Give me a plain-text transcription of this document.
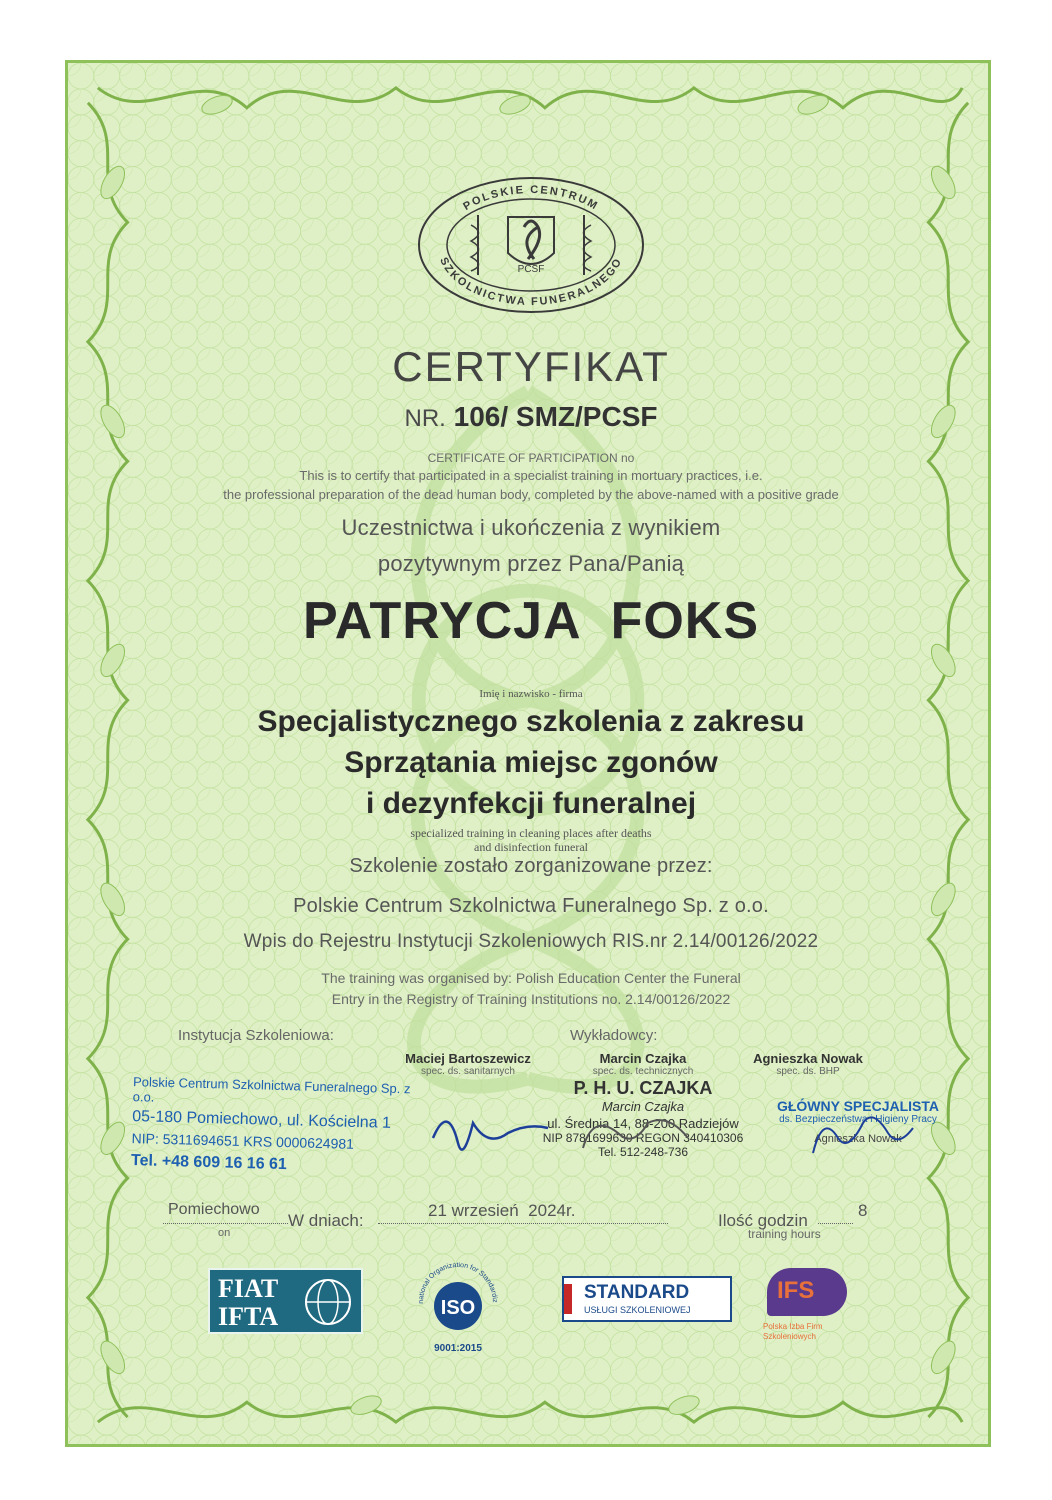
POLSKIE CENTRUM
SZKOLNICTWA FUNERALNEGO
PCSF
CERTYFIKAT
NR. 106/ SMZ/PCSF
CERTIFICATE OF PARTICIPATION no
This is to certify that participated in a specialist training in mortuary practices, i.e.
the professional preparation of the dead human body, completed by the above-named with a positive grade
Uczestnictwa i ukończenia z wynikiem
pozytywnym przez Pana/Panią
PATRYCJA  FOKS
Imię i nazwisko - firma
Specjalistycznego szkolenia z zakresu
Sprzątania miejsc zgonów
i dezynfekcji funeralnej
specialized training in cleaning places after deaths
and disinfection funeral
Szkolenie zostało zorganizowane przez:
Polskie Centrum Szkolnictwa Funeralnego Sp. z o.o.
Wpis do Rejestru Instytucji Szkoleniowych RIS.nr 2.14/00126/2022
The training was organised by: Polish Education Center the Funeral
Entry in the Registry of Training Institutions no. 2.14/00126/2022
Instytucja Szkoleniowa:	Wykładowcy:
Maciej Bartoszewicz
spec. ds. sanitarnych
Marcin Czajka
spec. ds. technicznych
Agnieszka Nowak
spec. ds. BHP
Polskie Centrum Szkolnictwa Funeralnego Sp. z o.o.
05-180 Pomiechowo, ul. Kościelna 1
NIP: 5311694651 KRS 0000624981
Tel. +48 609 16 16 61
P. H. U. CZAJKA
Marcin Czajka
ul. Średnia 14, 88-200 Radziejów
NIP 8781699630 REGON 340410306
Tel. 512-248-736
GŁÓWNY SPECJALISTA
ds. Bezpieczeństwa i Higieny Pracy
Agnieszka Nowak
Pomiechowo
on
W dniach:
21 wrzesień  2024r.
Ilość godzin
8
training hours
FIAT
IFTA
national Organization for Standardiz
ISO
9001:2015
STANDARD
USŁUGI SZKOLENIOWEJ
IFS
Polska Izba Firm Szkoleniowych
